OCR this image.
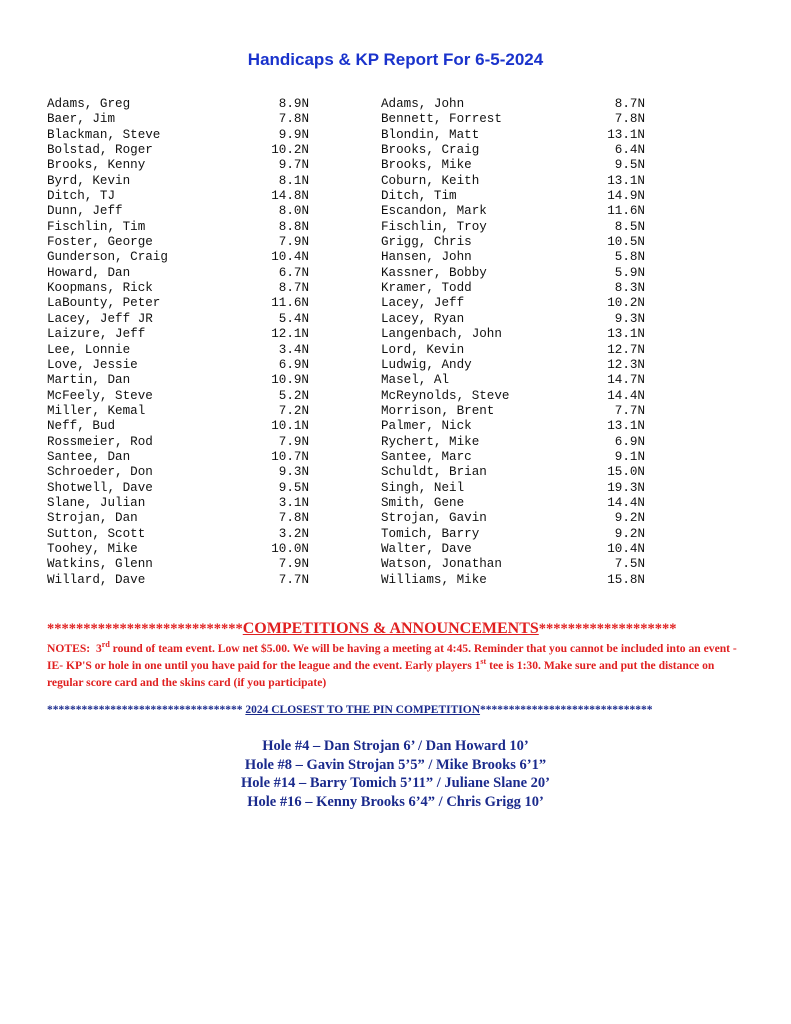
Handicaps & KP Report For 6-5-2024
Adams, Greg	8.9N
Baer, Jim	7.8N
Blackman, Steve	9.9N
Bolstad, Roger	10.2N
Brooks, Kenny	9.7N
Byrd, Kevin	8.1N
Ditch, TJ	14.8N
Dunn, Jeff	8.0N
Fischlin, Tim	8.8N
Foster, George	7.9N
Gunderson, Craig	10.4N
Howard, Dan	6.7N
Koopmans, Rick	8.7N
LaBounty, Peter	11.6N
Lacey, Jeff JR	5.4N
Laizure, Jeff	12.1N
Lee, Lonnie	3.4N
Love, Jessie	6.9N
Martin, Dan	10.9N
McFeely, Steve	5.2N
Miller, Kemal	7.2N
Neff, Bud	10.1N
Rossmeier, Rod	7.9N
Santee, Dan	10.7N
Schroeder, Don	9.3N
Shotwell, Dave	9.5N
Slane, Julian	3.1N
Strojan, Dan	7.8N
Sutton, Scott	3.2N
Toohey, Mike	10.0N
Watkins, Glenn	7.9N
Willard, Dave	7.7N
Adams, John	8.7N
Bennett, Forrest	7.8N
Blondin, Matt	13.1N
Brooks, Craig	6.4N
Brooks, Mike	9.5N
Coburn, Keith	13.1N
Ditch, Tim	14.9N
Escandon, Mark	11.6N
Fischlin, Troy	8.5N
Grigg, Chris	10.5N
Hansen, John	5.8N
Kassner, Bobby	5.9N
Kramer, Todd	8.3N
Lacey, Jeff	10.2N
Lacey, Ryan	9.3N
Langenbach, John	13.1N
Lord, Kevin	12.7N
Ludwig, Andy	12.3N
Masel, Al	14.7N
McReynolds, Steve	14.4N
Morrison, Brent	7.7N
Palmer, Nick	13.1N
Rychert, Mike	6.9N
Santee, Marc	9.1N
Schuldt, Brian	15.0N
Singh, Neil	19.3N
Smith, Gene	14.4N
Strojan, Gavin	9.2N
Tomich, Barry	9.2N
Walter, Dave	10.4N
Watson, Jonathan	7.5N
Williams, Mike	15.8N
***************************COMPETITIONS & ANNOUNCEMENTS*******************
NOTES: 3rd round of team event. Low net $5.00. We will be having a meeting at 4:45. Reminder that you cannot be included into an event -IE- KP'S or hole in one until you have paid for the league and the event. Early players 1st tee is 1:30. Make sure and put the distance on regular score card and the skins card (if you participate)
********************************** 2024 CLOSEST TO THE PIN COMPETITION******************************
Hole #4 – Dan Strojan 6’ / Dan Howard 10’
Hole #8 – Gavin Strojan 5’5” / Mike Brooks 6’1”
Hole #14 – Barry Tomich 5’11” / Juliane Slane 20’
Hole #16 – Kenny Brooks 6’4” / Chris Grigg 10’
